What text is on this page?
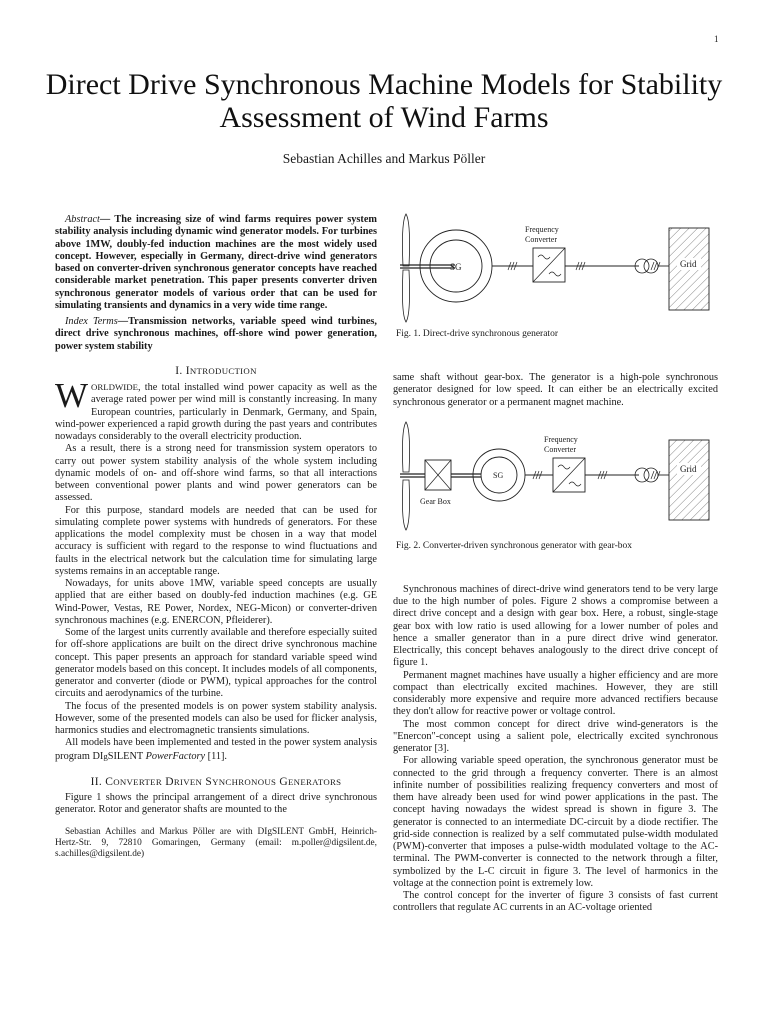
1
Direct Drive Synchronous Machine Models for Stability Assessment of Wind Farms
Sebastian Achilles and Markus Pöller

Abstract— The increasing size of wind farms requires power system stability analysis including dynamic wind generator models. For turbines above 1MW, doubly-fed induction machines are the most widely used concept. However, especially in Germany, direct-drive wind generators based on converter-driven synchronous generator concepts have reached considerable market penetration. This paper presents converter driven synchronous generator models of various order that can be used for simulating transients and dynamics in a very wide time range.

Index Terms—Transmission networks, variable speed wind turbines, direct drive synchronous machines, off-shore wind power generation, power system stability

I. INTRODUCTION

WORLDWIDE, the total installed wind power capacity as well as the average rated power per wind mill is constantly increasing. In many European countries, particularly in Denmark, Germany, and Spain, wind-power experienced a rapid growth during the past years and contributes nowadays considerably to the overall electricity production.

As a result, there is a strong need for transmission system operators to carry out power system stability analysis of the whole system including dynamic models of on- and off-shore wind farms, so that all interactions between conventional power plants and wind power generators can be assessed.

For this purpose, standard models are needed that can be used for simulating complete power systems with hundreds of generators. For these applications the model complexity must be chosen in a way that model accuracy is sufficient with regard to the response to wind fluctuations and faults in the electrical network but the calculation time for simulating large systems remains in an acceptable range.

Nowadays, for units above 1MW, variable speed concepts are usually applied that are either based on doubly-fed induction machines (e.g. GE Wind-Power, Vestas, RE Power, Nordex, NEG-Micon) or converter-driven synchronous machines (e.g. ENERCON, Pfleiderer).

Some of the largest units currently available and therefore especially suited for off-shore applications are built on the direct drive synchronous machine concept. This paper presents an approach for standard variable speed wind generator models based on this concept. It includes models of all components, generator and converter (diode or PWM), typical approaches for the control circuits and aerodynamics of the turbine.

The focus of the presented models is on power system stability analysis. However, some of the presented models can also be used for flicker analysis, harmonics studies and electromagnetic transients simulations.

All models have been implemented and tested in the power system analysis program DIgSILENT PowerFactory [11].

II. CONVERTER DRIVEN SYNCHRONOUS GENERATORS

Figure 1 shows the principal arrangement of a direct drive synchronous generator. Rotor and generator shafts are mounted to the

Sebastian Achilles and Markus Pöller are with DIgSILENT GmbH, Heinrich-Hertz-Str. 9, 72810 Gomaringen, Germany (email: m.poller@digsilent.de, s.achilles@digsilent.de)

SG
Frequency
Converter
Grid
Fig. 1. Direct-drive synchronous generator

same shaft without gear-box. The generator is a high-pole synchronous generator designed for low speed. It can either be an electrically excited synchronous generator or a permanent magnet machine.

Synchronous machines of direct-drive wind generators tend to be very large due to the high number of poles. Figure 2 shows a compromise between a direct drive concept and a design with gear box. Here, a robust, single-stage gear box with low ratio is used allowing for a lower number of poles and hence a smaller generator than in a pure direct drive wind generator. Electrically, this concept behaves analogously to the direct drive concept of figure 1.

Permanent magnet machines have usually a higher efficiency and are more compact than electrically excited machines. However, they are still considerably more expensive and require more advanced rectifiers because they don't allow for reactive power or voltage control.

The most common concept for direct drive wind-generators is the "Enercon"-concept using a salient pole, electrically excited synchronous generator [3].

For allowing variable speed operation, the synchronous generator must be connected to the grid through a frequency converter. There is an almost infinite number of possibilities realizing frequency converters and most of them have already been used for wind power applications in the past. The concept having nowadays the widest spread is shown in figure 3. The generator is connected to an intermediate DC-circuit by a diode rectifier. The grid-side connection is realized by a self commutated pulse-width modulated (PWM)-converter that imposes a pulse-width modulated voltage to the AC-terminal. The PWM-converter is connected to the network through a filter, symbolized by the L-C circuit in figure 3. The level of harmonics in the voltage at the connection point is extremely low.

The control concept for the inverter of figure 3 consists of fast current controllers that regulate AC currents in an AC-voltage oriented

Gear Box
SG
Frequency
Converter
Grid
Fig. 2. Converter-driven synchronous generator with gear-box
